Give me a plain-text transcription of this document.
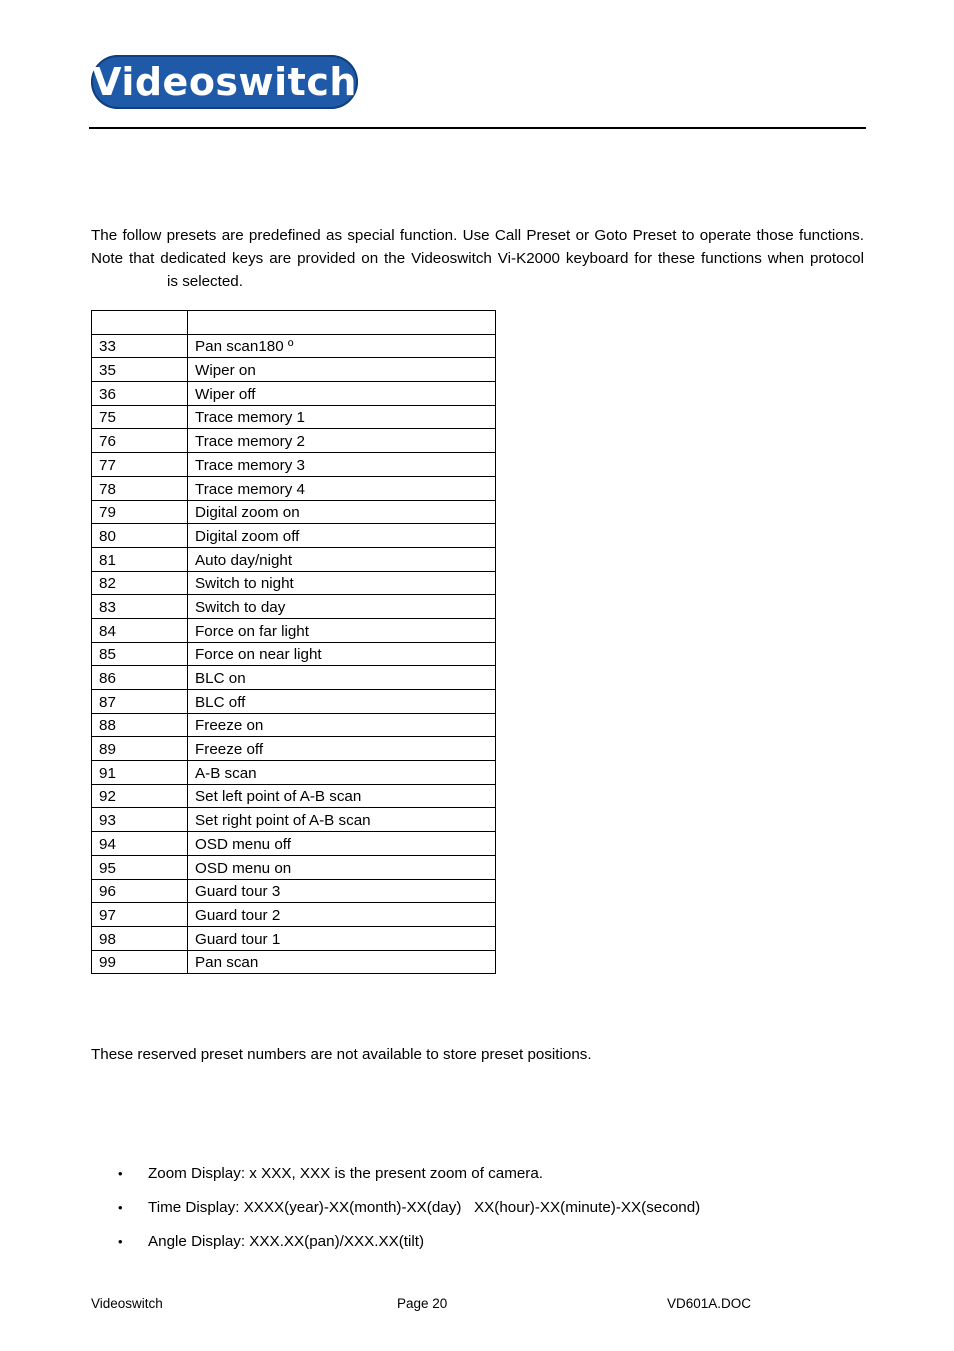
Videoswitch

The follow presets are predefined as special function. Use Call Preset or Goto Preset to operate those functions. Note that dedicated keys are provided on the Videoswitch Vi-K2000 keyboard for these functions when protocolis selected.

33	Pan scan180 º
35	Wiper on
36	Wiper off
75	Trace memory 1
76	Trace memory 2
77	Trace memory 3
78	Trace memory 4
79	Digital zoom on
80	Digital zoom off
81	Auto day/night
82	Switch to night
83	Switch to day
84	Force on far light
85	Force on near light
86	BLC on
87	BLC off
88	Freeze on
89	Freeze off
91	A-B scan
92	Set left point of A-B scan
93	Set right point of A-B scan
94	OSD menu off
95	OSD menu on
96	Guard tour 3
97	Guard tour 2
98	Guard tour 1
99	Pan scan

These reserved preset numbers are not available to store preset positions.

• Zoom Display: x XXX, XXX is the present zoom of camera.
• Time Display: XXXX(year)-XX(month)-XX(day)   XX(hour)-XX(minute)-XX(second)
• Angle Display: XXX.XX(pan)/XXX.XX(tilt)
Videoswitch	Page 20	VD601A.DOC
